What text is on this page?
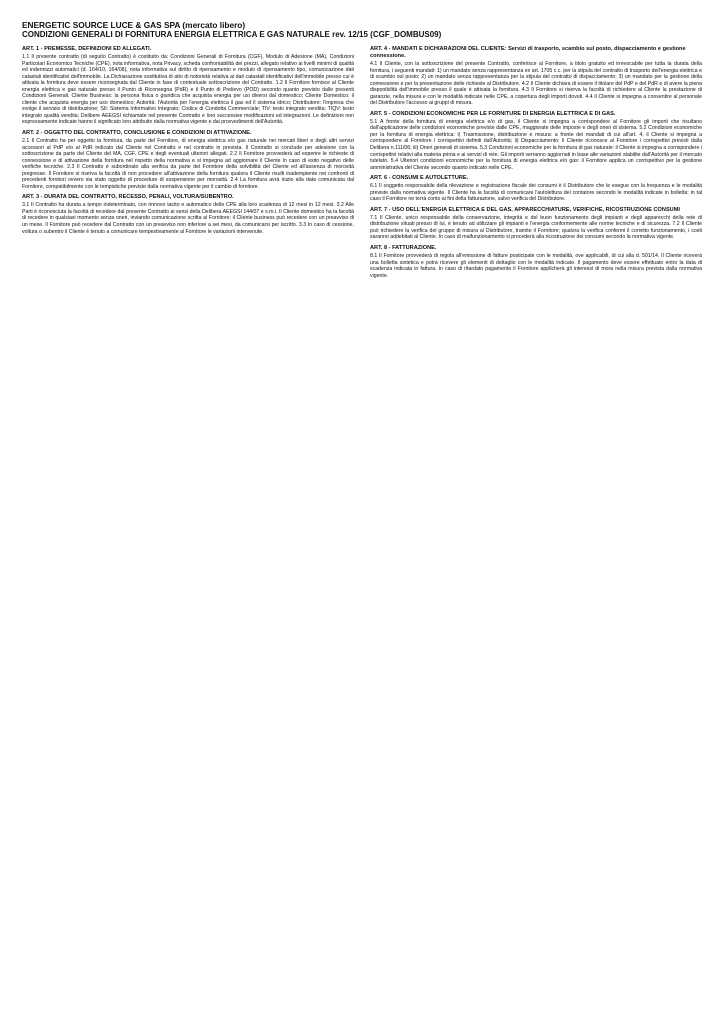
ENERGETIC SOURCE LUCE & GAS SPA (mercato libero)
CONDIZIONI GENERALI DI FORNITURA ENERGIA ELETTRICA E GAS NATURALE rev. 12/15 (CGF_DOMBUS09)
ART. 1 - PREMESSE, DEFINIZIONI ED ALLEGATI.

1.1 Il presente contratto (di seguito Contratto) è costituito da: Condizioni Generali di Fornitura (CGF), Modulo di Adesione (MA), Condizioni Particolari Economico Tecniche (CPE), nota informativa, nota Privacy, scheda confrontabilità dei prezzi, allegato relativo ai livelli minimi di qualità ed indennizzi automatici (d. 164/10, 164/08), nota informativa sul diritto di ripensamento e modulo di ripensamento tipo, comunicazione dati catastali identificativi dell'immobile. La Dichiarazione sostitutiva di atto di notorietà relativa ai dati catastali identificativi dell'immobile presso cui è attivata la fornitura deve essere riconsegnata dal Cliente in fase di contestuale sottoscrizione del Contratto. 1.2 Il Fornitore fornisce al Cliente energia elettrica e gas naturale presso il Punto di Riconsegna (PdR) e il Punto di Prelievo (POD) secondo quanto previsto dalle presenti Condizioni Generali. Cliente Business: la persona fisica o giuridica che acquista energia per usi diversi dal domestico; Cliente Domestico: il cliente che acquista energia per uso domestico; Autorità: l'Autorità per l'energia elettrica il gas ed il sistema idrico; Distributore: l'impresa che svolge il servizio di distribuzione; SII: Sistema Informativo Integrato; Codice di Condotta Commerciale; TIV: testo integrato vendita; TIQV: testo integrato qualità vendita; Delibere AEEGSI richiamate nel presente Contratto e loro successive modificazioni ed integrazioni. Le definizioni non espressamente indicate hanno il significato loro attribuito dalla normativa vigente e dai provvedimenti dell'Autorità.

ART. 2 - OGGETTO DEL CONTRATTO, CONCLUSIONE E CONDIZIONI DI ATTIVAZIONE.

2.1 Il Contratto ha per oggetto la fornitura, da parte del Fornitore, di energia elettrica e/o gas naturale nei mercati liberi e degli altri servizi accessori al PdP e/o al PdR indicato dal Cliente nel Contratto e nel contratto in prevista. Il Contratto si conclude per adesione con la sottoscrizione da parte del Cliente del MA, CGF, CPE e degli eventuali ulteriori allegati. 2.2 Il Fornitore provvederà ad esperire le richieste di connessione e di attivazione della fornitura nel rispetto della normativa e si impegna ad aggiornare il Cliente in caso di esito negativo delle verifiche tecniche. 2.3 Il Contratto è subordinato alla verifica da parte del Fornitore della solvibilità del Cliente ed all'assenza di morosità pregresse. Il Fornitore si riserva la facoltà di non procedere all'attivazione della fornitura qualora il Cliente risulti inadempiente nei confronti di precedenti fornitori ovvero sia stato oggetto di procedure di sospensione per morosità. 2.4 La fornitura avrà inizio alla data comunicata dal Fornitore, compatibilmente con le tempistiche previste dalla normativa vigente per il cambio di fornitore.

ART. 3 - DURATA DEL CONTRATTO, RECESSO, PENALI, VOLTURA/SUBENTRO.

3.1 Il Contratto ha durata a tempo indeterminato, con rinnovo tacito e automatico delle CPE alla loro scadenza di 12 mesi in 12 mesi. 3.2 Alle Parti è riconosciuta la facoltà di recedere dal presente Contratto ai sensi della Delibera AEEGSI 144/07 e s.m.i. Il Cliente domestico ha la facoltà di recedere in qualsiasi momento senza oneri, inviando comunicazione scritta al Fornitore; il Cliente business può recedere con un preavviso di un mese. Il Fornitore può recedere dal Contratto con un preavviso non inferiore a sei mesi, da comunicarsi per iscritto. 3.3 In caso di cessione, voltura o subentro il Cliente è tenuto a comunicare tempestivamente al Fornitore le variazioni intervenute.

ART. 4 - MANDATI E DICHIARAZIONI DEL CLIENTE: Servizi di trasporto, scambio sul posto, dispacciamento e gestione connessione.

4.1 Il Cliente, con la sottoscrizione del presente Contratto, conferisce al Fornitore, a titolo gratuito ed irrevocabile per tutta la durata della fornitura, i seguenti mandati: 1) un mandato senza rappresentanza ex art. 1705 c.c. per la stipula del contratto di trasporto dell'energia elettrica e di scambio sul posto; 2) un mandato senza rappresentanza per la stipula del contratto di dispacciamento; 3) un mandato per la gestione della connessione e per la presentazione delle richieste al Distributore. 4.2 Il Cliente dichiara di essere il titolare del PdP e del PdR e di avere la piena disponibilità dell'immobile presso il quale è attivata la fornitura. 4.3 Il Fornitore si riserva la facoltà di richiedere al Cliente la prestazione di garanzie, nella misura e con le modalità indicate nelle CPE, a copertura degli importi dovuti. 4.4 Il Cliente si impegna a consentire al personale del Distributore l'accesso ai gruppi di misura.

ART. 5 - CONDIZIONI ECONOMICHE PER LE FORNITURE DI ENERGIA ELETTRICA E DI GAS.

5.1 A fronte della fornitura di energia elettrica e/o di gas, il Cliente si impegna a corrispondere al Fornitore gli importi che risultano dall'applicazione delle condizioni economiche previste dalle CPE, maggiorate delle imposte e degli oneri di sistema. 5.2 Condizioni economiche per la fornitura di energia elettrica: i) Trasmissione, distribuzione e misura: a fronte dei mandati di cui all'art. 4, il Cliente si impegna a corrispondere al Fornitore i corrispettivi definiti dall'Autorità; ii) Dispacciamento: il Cliente riconosce al Fornitore i corrispettivi previsti dalla Delibera n.111/06; iii) Oneri generali di sistema. 5.3 Condizioni economiche per la fornitura di gas naturale: il Cliente si impegna a corrispondere i corrispettivi relativi alla materia prima e ai servizi di rete. Gli importi verranno aggiornati in base alle variazioni stabilite dall'Autorità per il mercato tutelato. 5.4 Ulteriori condizioni economiche per la fornitura di energia elettrica e/o gas: il Fornitore applica un corrispettivo per la gestione amministrativa del Cliente secondo quanto indicato nelle CPE.

ART. 6 - CONSUMI E AUTOLETTURE.

6.1 Il soggetto responsabile della rilevazione e registrazione fiscale dei consumi è il Distributore che le esegue con la frequenza e le modalità previste dalla normativa vigente. Il Cliente ha la facoltà di comunicare l'autolettura del contatore secondo le modalità indicate in bolletta; in tal caso il Fornitore ne terrà conto ai fini della fatturazione, salvo verifica del Distributore.

ART. 7 - USO DELL'ENERGIA ELETTRICA E DEL GAS, APPARECCHIATURE, VERIFICHE, RICOSTRUZIONE CONSUMI

7.1 Il Cliente, unico responsabile della conservazione, integrità e del buon funzionamento degli impianti e degli apparecchi della rete di distribuzione situati presso di lui, è tenuto ad utilizzare gli impianti e l'energia conformemente alle norme tecniche e di sicurezza. 7.2 Il Cliente può richiedere la verifica del gruppo di misura al Distributore, tramite il Fornitore; qualora la verifica confermi il corretto funzionamento, i costi saranno addebitati al Cliente. In caso di malfunzionamento si procederà alla ricostruzione dei consumi secondo la normativa vigente.

ART. 8 - FATTURAZIONE.

8.1 Il Fornitore provvederà di regola all'emissione di fatture posticipate con le modalità, ove applicabili, di cui alla d. 501/14. Il Cliente riceverà una bolletta sintetica e potrà ricevere gli elementi di dettaglio con le modalità indicate. Il pagamento deve essere effettuato entro la data di scadenza indicata in fattura. In caso di ritardato pagamento il Fornitore applicherà gli interessi di mora nella misura prevista dalla normativa vigente.
